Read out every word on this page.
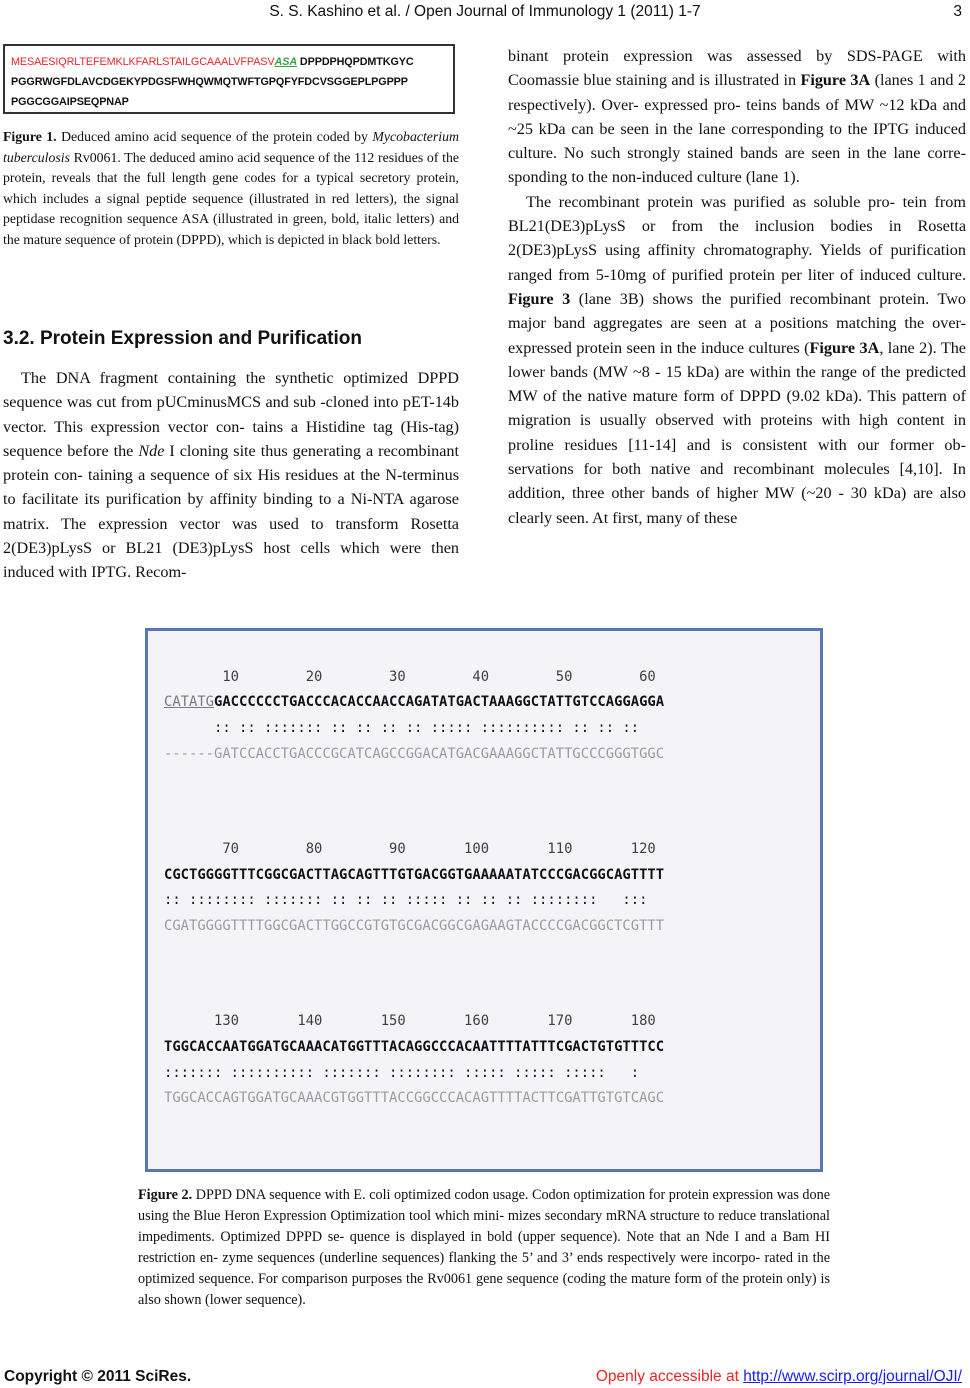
S. S. Kashino et al. / Open Journal of Immunology 1 (2011) 1-7	3
MESAESIQRLTEFEMKLKFARLSTAILGCAAALVFPASVASA DPPDPHQPDMTKGYC
PGGRWGFDLAVCDGEKYPDGSFWHQWMQTWFTGPQFYFDCVSGGEPLPGPPP
PGGCGGAIPSEQPNAP
Figure 1. Deduced amino acid sequence of the protein coded by Mycobacterium tuberculosis Rv0061. The deduced amino acid sequence of the 112 residues of the protein, reveals that the full length gene codes for a typical secretory protein, which includes a signal peptide sequence (illustrated in red letters), the signal peptidase recognition sequence ASA (illustrated in green, bold, italic letters) and the mature sequence of protein (DPPD), which is depicted in black bold letters.
3.2. Protein Expression and Purification

The DNA fragment containing the synthetic optimized DPPD sequence was cut from pUCminusMCS and sub -cloned into pET-14b vector. This expression vector con- tains a Histidine tag (His-tag) sequence before the Nde I cloning site thus generating a recombinant protein con- taining a sequence of six His residues at the N-terminus to facilitate its purification by affinity binding to a Ni-NTA agarose matrix. The expression vector was used to transform Rosetta 2(DE3)pLysS or BL21 (DE3)pLysS host cells which were then induced with IPTG. Recom-

binant protein expression was assessed by SDS-PAGE with Coomassie blue staining and is illustrated in Figure 3A (lanes 1 and 2 respectively). Over- expressed pro- teins bands of MW ~12 kDa and ~25 kDa can be seen in the lane corresponding to the IPTG induced culture. No such strongly stained bands are seen in the lane corre- sponding to the non-induced culture (lane 1).

The recombinant protein was purified as soluble pro- tein from BL21(DE3)pLysS or from the inclusion bodies in Rosetta 2(DE3)pLysS using affinity chromatography. Yields of purification ranged from 5-10mg of purified protein per liter of induced culture. Figure 3 (lane 3B) shows the purified recombinant protein. Two major band aggregates are seen at a positions matching the over- expressed protein seen in the induce cultures (Figure 3A, lane 2). The lower bands (MW ~8 - 15 kDa) are within the range of the predicted MW of the native mature form of DPPD (9.02 kDa). This pattern of migration is usually observed with proteins with high content in proline residues [11-14] and is consistent with our former ob- servations for both native and recombinant molecules [4,10]. In addition, three other bands of higher MW (~20 - 30 kDa) are also clearly seen. At first, many of these

10        20        30        40        50        60
CATATGGACCCCCCTGACCCACACCAACCAGATATGACTAAAGGCTATTGTCCAGGAGGA
:: :: ::::::: :: :: :: :: ::::: :::::::::: :: :: ::
------GATCCACCTGACCCGCATCAGCCGGACATGACGAAAGGCTATTGCCCGGGTGGC

70        80        90       100       110       120
CGCTGGGGTTTCGGCGACTTAGCAGTTTGTGACGGTGAAAAATATCCCGACGGCAGTTTT
:: :::::::: ::::::: :: :: :: ::::: :: :: :: ::::::::   :::
CGATGGGGTTTTGGCGACTTGGCCGTGTGCGACGGCGAGAAGTACCCCGACGGCTCGTTT

130       140       150       160       170       180
TGGCACCAATGGATGCAAACATGGTTTACAGGCCCACAATTTTATTTCGACTGTGTTTCC
::::::: :::::::::: ::::::: :::::::: ::::: ::::: :::::   :
TGGCACCAGTGGATGCAAACGTGGTTTACCGGCCCACAGTTTTACTTCGATTGTGTCAGC

Figure 2. DPPD DNA sequence with E. coli optimized codon usage. Codon optimization for protein expression was done using the Blue Heron Expression Optimization tool which mini- mizes secondary mRNA structure to reduce translational impediments. Optimized DPPD se- quence is displayed in bold (upper sequence). Note that an Nde I and a Bam HI restriction en- zyme sequences (underline sequences) flanking the 5’ and 3’ ends respectively were incorpo- rated in the optimized sequence. For comparison purposes the Rv0061 gene sequence (coding the mature form of the protein only) is also shown (lower sequence).
Copyright © 2011 SciRes.	Openly accessible at http://www.scirp.org/journal/OJI/
